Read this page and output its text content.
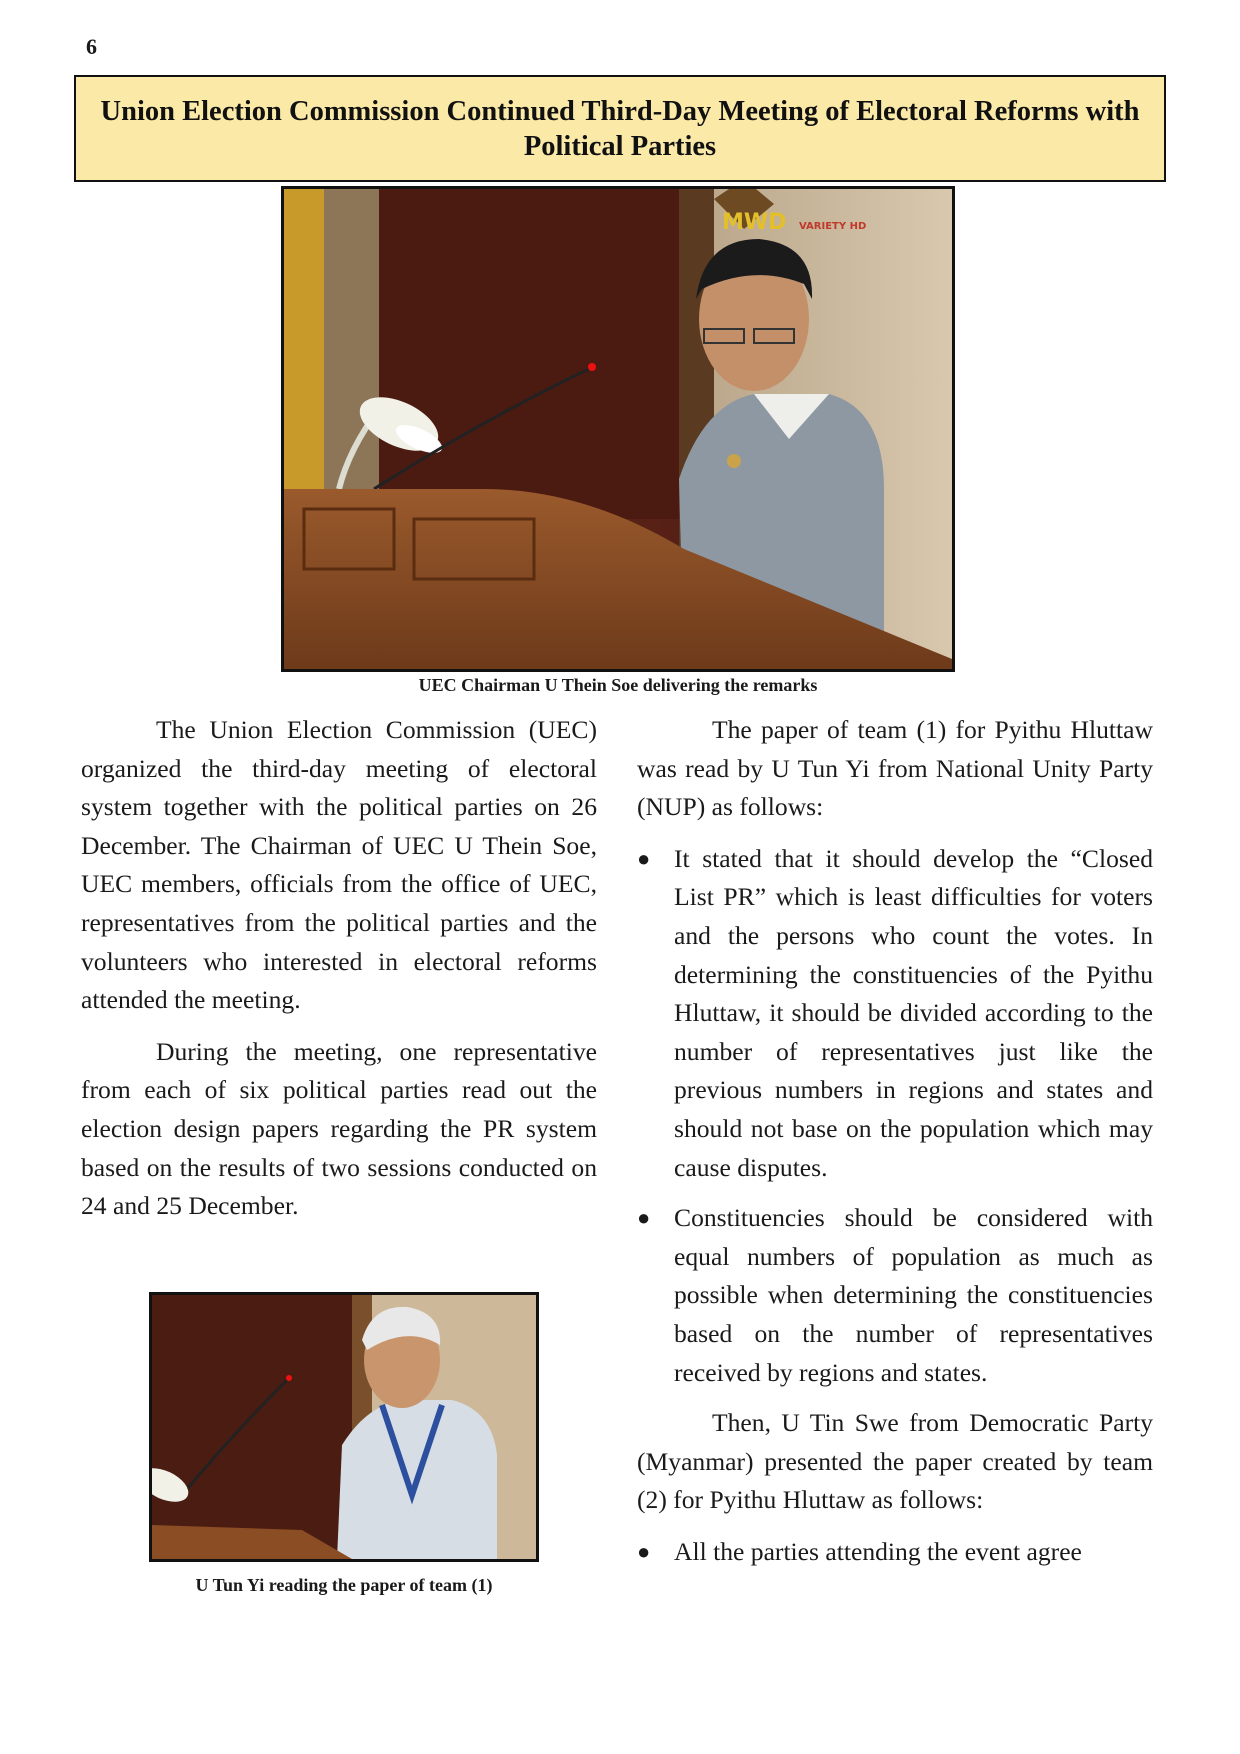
6
Union Election Commission Continued Third-Day Meeting of Electoral Reforms with Political Parties
MWD VARIETY HD
UEC Chairman U Thein Soe delivering the remarks

The Union Election Commission (UEC) organized the third-day meeting of electoral system together with the political parties on 26 December. The Chairman of UEC U Thein Soe, UEC members, officials from the office of UEC, representatives from the political parties and the volunteers who interested in electoral reforms attended the meeting.

During the meeting, one representative from each of six political parties read out the election design papers regarding the PR system based on the results of two sessions conducted on 24 and 25 December.

U Tun Yi reading the paper of team (1)

The paper of team (1) for Pyithu Hluttaw was read by U Tun Yi from National Unity Party (NUP) as follows:

● It stated that it should develop the “Closed List PR” which is least difficulties for voters and the persons who count the votes. In determining the constituencies of the Pyithu Hluttaw, it should be divided according to the number of representatives just like the previous numbers in regions and states and should not base on the population which may cause disputes.
● Constituencies should be considered with equal numbers of population as much as possible when determining the constituencies based on the number of representatives received by regions and states.

Then, U Tin Swe from Democratic Party (Myanmar) presented the paper created by team (2) for Pyithu Hluttaw as follows:

● All the parties attending the event agree
